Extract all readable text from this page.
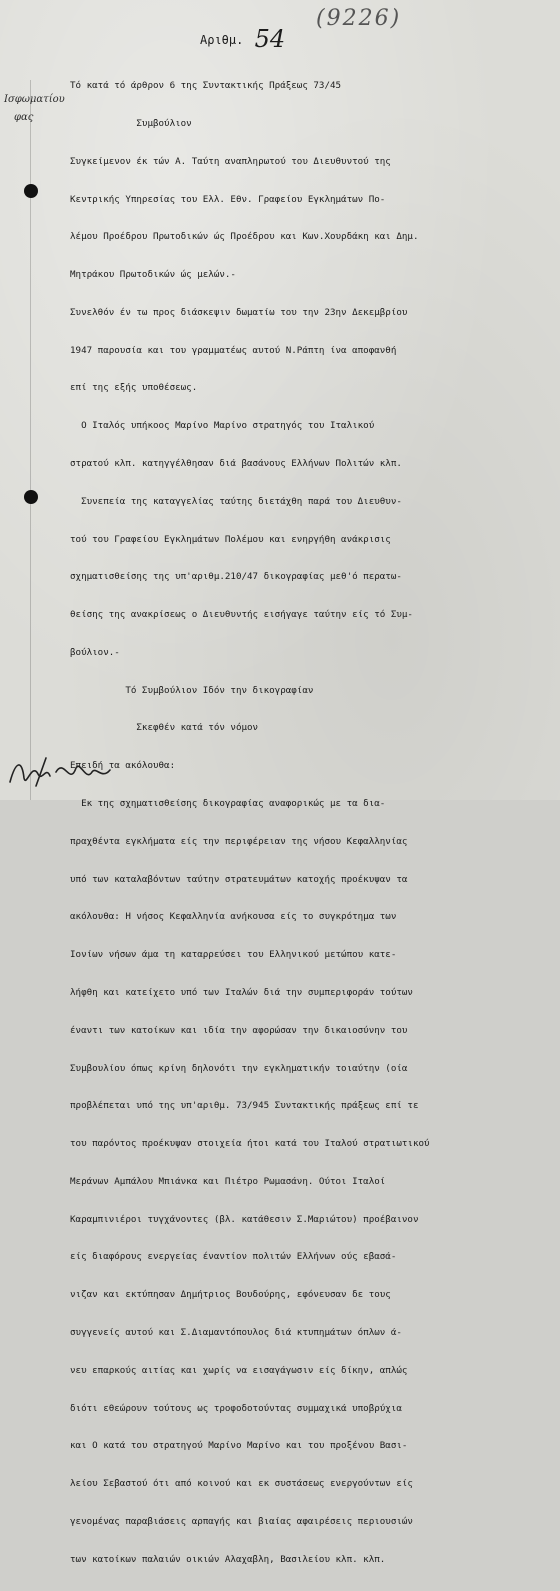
(9226)
Αριθμ. 54
Ισφωματίου
φας

Τό κατά τό άρθρον 6 της Συντακτικής Πράξεως 73/45

Συμβούλιον

Συγκείμενον έκ τών Α. Ταύτη αναπληρωτού του Διευθυντού της

Κεντρικής Υπηρεσίας του Ελλ. Εθν. Γραφείου Εγκλημάτων Πο-

λέμου Προέδρου Πρωτοδικών ώς Προέδρου και Κων.Χουρδάκη και Δημ.

Μητράκου Πρωτοδικών ώς μελών.-

Συνελθόν έν τω προς διάσκεψιν δωματίω του την 23ην Δεκεμβρίου

1947 παρουσία και του γραμματέως αυτού Ν.Ράπτη ίνα αποφανθή

επί της εξής υποθέσεως.

Ο Ιταλός υπήκοος Μαρίνο Μαρίνο στρατηγός του Ιταλικού

στρατού κλπ. κατηγγέλθησαν διά βασάνους Ελλήνων Πολιτών κλπ.

Συνεπεία της καταγγελίας ταύτης διετάχθη παρά του Διευθυν-

τού του Γραφείου Εγκλημάτων Πολέμου και ενηργήθη ανάκρισις

σχηματισθείσης της υπ'αριθμ.210/47 δικογραφίας μεθ'ό περατω-

θείσης της ανακρίσεως ο Διευθυντής εισήγαγε ταύτην είς τό Συμ-

βούλιον.-

Τό Συμβούλιον Ιδόν την δικογραφίαν

Σκεφθέν κατά τόν νόμον

Επειδή τα ακόλουθα:

Εκ της σχηματισθείσης δικογραφίας αναφορικώς με τα δια-

πραχθέντα εγκλήματα είς την περιφέρειαν της νήσου Κεφαλληνίας

υπό των καταλαβόντων ταύτην στρατευμάτων κατοχής προέκυψαν τα

ακόλουθα: Η νήσος Κεφαλληνία ανήκουσα είς το συγκρότημα των

Ιονίων νήσων άμα τη καταρρεύσει του Ελληνικού μετώπου κατε-

λήφθη και κατείχετο υπό των Ιταλών διά την συμπεριφοράν τούτων

έναντι των κατοίκων και ιδία την αφορώσαν την δικαιοσύνην του

Συμβουλίου όπως κρίνη δηλονότι την εγκληματικήν τοιαύτην (οία

προβλέπεται υπό της υπ'αριθμ. 73/945 Συντακτικής πράξεως επί τε

του παρόντος προέκυψαν στοιχεία ήτοι κατά του Ιταλού στρατιωτικού

Μεράνων Αμπάλου Μπιάνκα και Πιέτρο Ρωμασάνη. Ούτοι Ιταλοί

Καραμπινιέροι τυγχάνοντες (βλ. κατάθεσιν Σ.Μαριώτου) προέβαινον

είς διαφόρους ενεργείας έναντίον πολιτών Ελλήνων ούς εβασά-

νιζαν και εκτύπησαν Δημήτριος Βουδούρης, εφόνευσαν δε τους

συγγενείς αυτού και Σ.Διαμαντόπουλος διά κτυπημάτων όπλων ά-

νευ επαρκούς αιτίας και χωρίς να εισαγάγωσιν είς δίκην, απλώς

διότι εθεώρουν τούτους ως τροφοδοτούντας συμμαχικά υποβρύχια

και Ο κατά του στρατηγού Μαρίνο Μαρίνο και του προξένου Βασι-

λείου Σεβαστού ότι από κοινού και εκ συστάσεως ενεργούντων είς

γενομένας παραβιάσεις αρπαγής και βιαίας αφαιρέσεις περιουσιών

των κατοίκων παλαιών οικιών Αλαχαβλη, Βασιλείου κλπ. κλπ.
